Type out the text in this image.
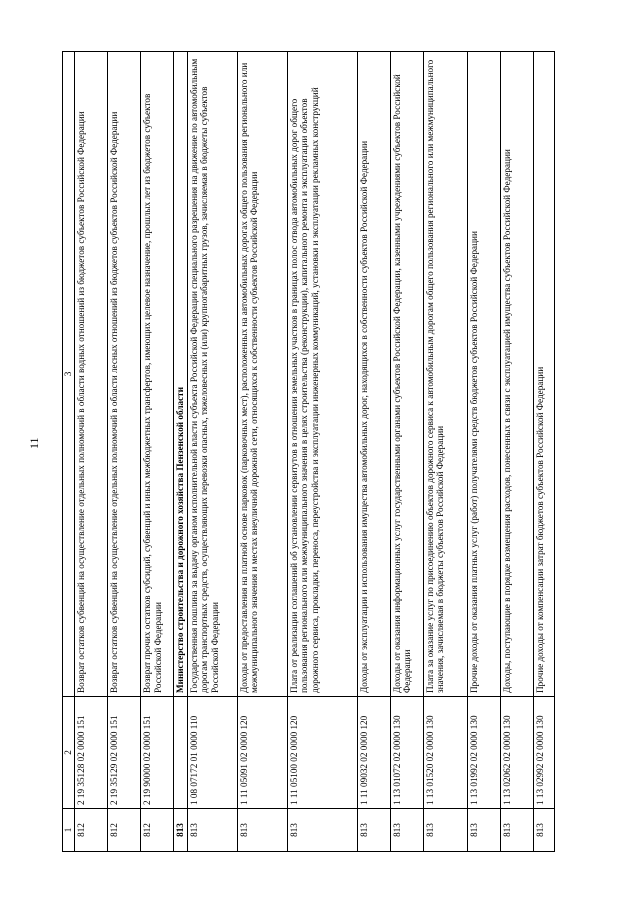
11
1	2	3
812	2 19 35128 02 0000 151	Возврат остатков субвенций на осуществление отдельных полномочий в области водных отношений из бюджетов субъектов Российской Федерации
812	2 19 35129 02 0000 151	Возврат остатков субвенций на осуществление отдельных полномочий в области лесных отношений из бюджетов субъектов Российской Федерации
812	2 19 90000 02 0000 151	Возврат прочих остатков субсидий, субвенций и иных межбюджетных трансфертов, имеющих целевое назначение, прошлых лет из бюджетов субъектов Российской Федерации
813		Министерство строительства и дорожного хозяйства Пензенской области
813	1 08 07172 01 0000 110	Государственная пошлина за выдачу органом исполнительной власти субъекта Российской Федерации специального разрешения на движение по автомобильным дорогам транспортных средств, осуществляющих перевозки опасных, тяжеловесных и (или) крупногабаритных грузов, зачисляемая в бюджеты субъектов Российской Федерации
813	1 11 05091 02 0000 120	Доходы от предоставления на платной основе парковок (парковочных мест), расположенных на автомобильных дорогах общего пользования регионального или межмуниципального значения и местах внеуличной дорожной сети, относящихся к собственности субъектов Российской Федерации
813	1 11 05100 02 0000 120	Плата от реализации соглашений об установлении сервитутов в отношении земельных участков в границах полос отвода автомобильных дорог общего пользования регионального или межмуниципального значения в целях строительства (реконструкции), капитального ремонта и эксплуатации объектов дорожного сервиса, прокладки, переноса, переустройства и эксплуатации инженерных коммуникаций, установки и эксплуатации рекламных конструкций
813	1 11 09032 02 0000 120	Доходы от эксплуатации и использования имущества автомобильных дорог, находящихся в собственности субъектов Российской Федерации
813	1 13 01072 02 0000 130	Доходы от оказания информационных услуг государственными органами субъектов Российской Федерации, казенными учреждениями субъектов Российской Федерации
813	1 13 01520 02 0000 130	Плата за оказание услуг по присоединению объектов дорожного сервиса к автомобильным дорогам общего пользования регионального или межмуниципального значения, зачисляемая в бюджеты субъектов Российской Федерации
813	1 13 01992 02 0000 130	Прочие доходы от оказания платных услуг (работ) получателями средств бюджетов субъектов Российской Федерации
813	1 13 02062 02 0000 130	Доходы, поступающие в порядке возмещения расходов, понесенных в связи с эксплуатацией имущества субъектов Российской Федерации
813	1 13 02992 02 0000 130	Прочие доходы от компенсации затрат бюджетов субъектов Российской Федерации
